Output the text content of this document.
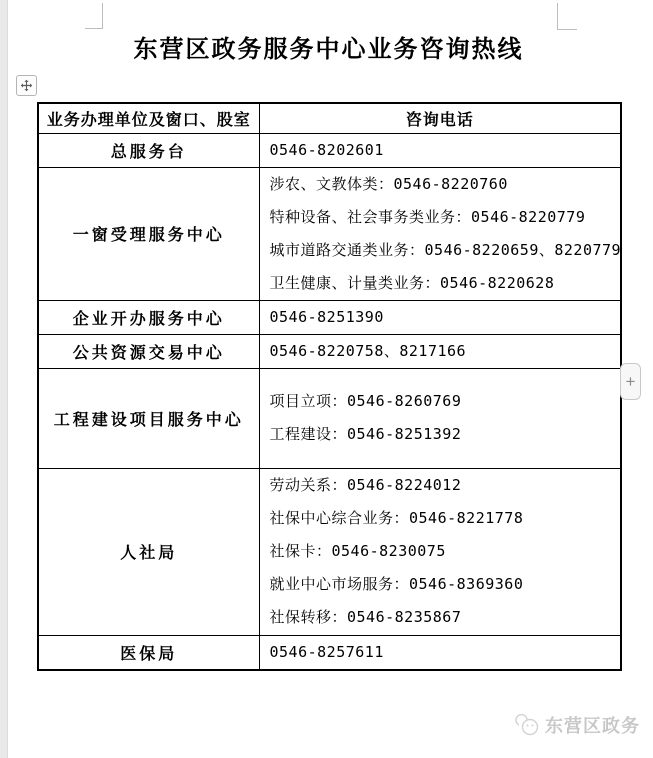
东营区政务服务中心业务咨询热线
业务办理单位及窗口、股室	咨询电话
总服务台	0546-8202601

一窗受理服务中心	涉农、文教体类：0546-8220760
特种设备、社会事务类业务：0546-8220779
城市道路交通类业务：0546-8220659、8220779
卫生健康、计量类业务：0546-8220628

企业开办服务中心	0546-8251390

公共资源交易中心	0546-8220758、8217166

工程建设项目服务中心	项目立项：0546-8260769
工程建设：0546-8251392

人社局	劳动关系：0546-8224012
社保中心综合业务：0546-8221778
社保卡：0546-8230075
就业中心市场服务：0546-8369360
社保转移：0546-8235867

医保局	0546-8257611
+
东营区政务
